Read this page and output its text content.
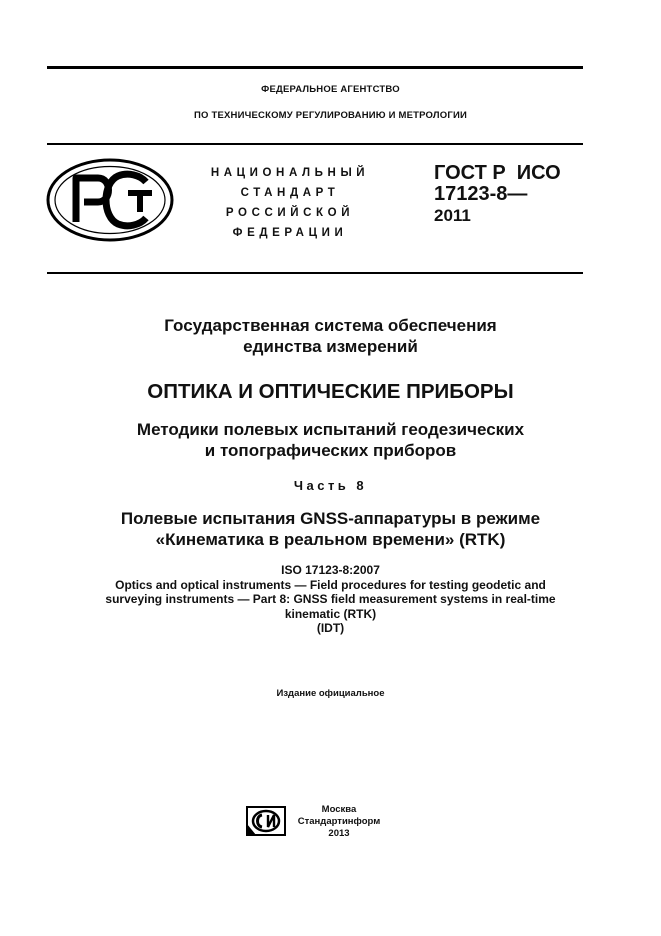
ФЕДЕРАЛЬНОЕ АГЕНТСТВО
ПО ТЕХНИЧЕСКОМУ РЕГУЛИРОВАНИЮ И МЕТРОЛОГИИ
НАЦИОНАЛЬНЫЙ
СТАНДАРТ
РОССИЙСКОЙ
ФЕДЕРАЦИИ
ГОСТ Р  ИСО
17123-8—
2011
Государственная система обеспечения
единства измерений
ОПТИКА И ОПТИЧЕСКИЕ ПРИБОРЫ
Методики полевых испытаний геодезических
и топографических приборов
Часть 8
Полевые испытания GNSS-аппаратуры в режиме
«Кинематика в реальном времени» (RTK)
ISO 17123-8:2007
Optics and optical instruments — Field procedures for testing geodetic and
surveying instruments — Part 8: GNSS field measurement systems in real-time
kinematic (RTK)
(IDT)
Издание официальное
Москва
Стандартинформ
2013
